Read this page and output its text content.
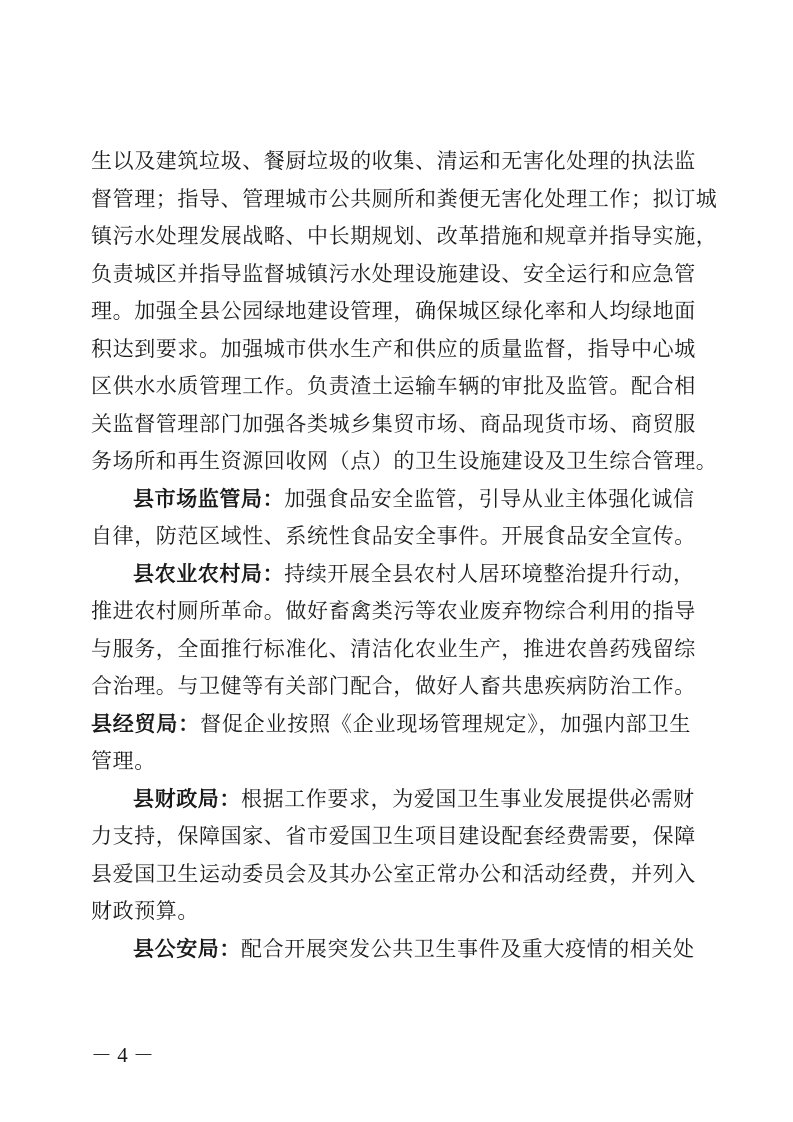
生以及建筑垃圾、餐厨垃圾的收集、清运和无害化处理的执法监
督管理；指导、管理城市公共厕所和粪便无害化处理工作；拟订城
镇污水处理发展战略、中长期规划、改革措施和规章并指导实施，
负责城区并指导监督城镇污水处理设施建设、安全运行和应急管
理。加强全县公园绿地建设管理，确保城区绿化率和人均绿地面
积达到要求。加强城市供水生产和供应的质量监督，指导中心城
区供水水质管理工作。负责渣土运输车辆的审批及监管。配合相
关监督管理部门加强各类城乡集贸市场、商品现货市场、商贸服
务场所和再生资源回收网（点）的卫生设施建设及卫生综合管理。
县市场监管局：加强食品安全监管，引导从业主体强化诚信
自律，防范区域性、系统性食品安全事件。开展食品安全宣传。
县农业农村局：持续开展全县农村人居环境整治提升行动，
推进农村厕所革命。做好畜禽类污等农业废弃物综合利用的指导
与服务，全面推行标准化、清洁化农业生产，推进农兽药残留综
合治理。与卫健等有关部门配合，做好人畜共患疾病防治工作。
县经贸局：督促企业按照《企业现场管理规定》，加强内部卫生
管理。
县财政局：根据工作要求，为爱国卫生事业发展提供必需财
力支持，保障国家、省市爱国卫生项目建设配套经费需要，保障
县爱国卫生运动委员会及其办公室正常办公和活动经费，并列入
财政预算。
县公安局：配合开展突发公共卫生事件及重大疫情的相关处
－ 4 －
